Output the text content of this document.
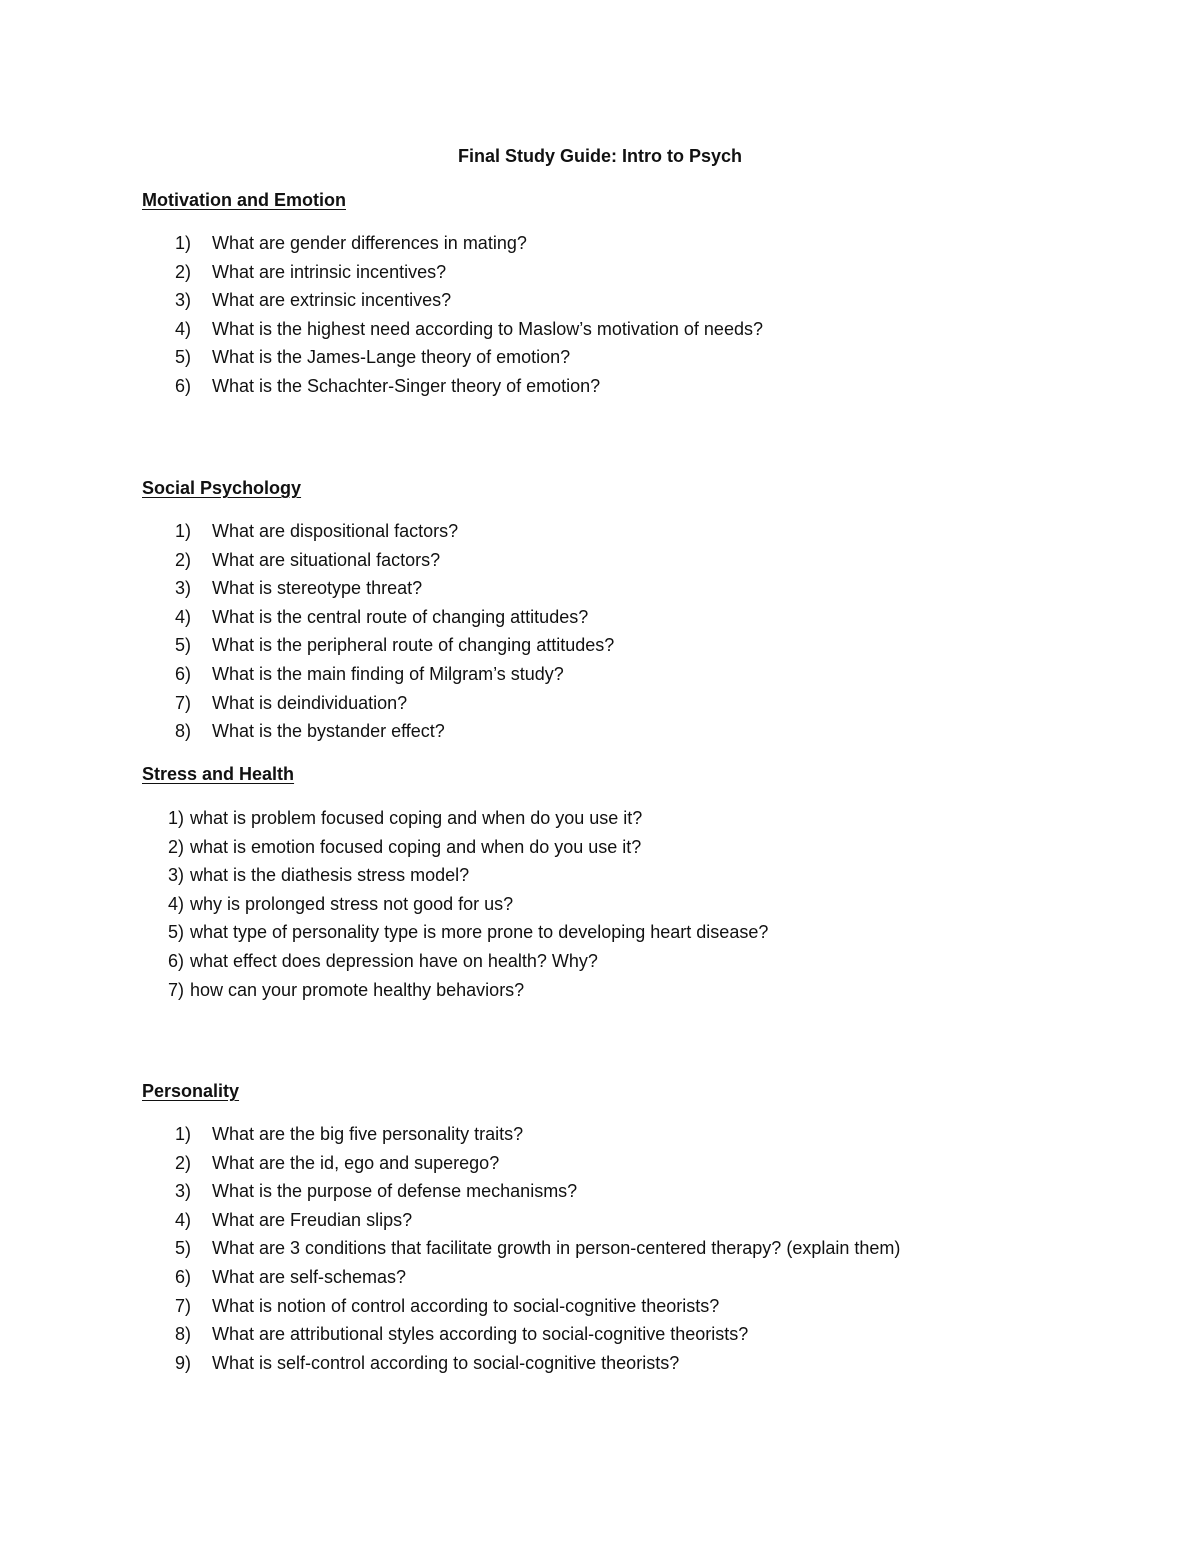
Final Study Guide: Intro to Psych
Motivation and Emotion
1) What are gender differences in mating?
2) What are intrinsic incentives?
3) What are extrinsic incentives?
4) What is the highest need according to Maslow’s motivation of needs?
5) What is the James-Lange theory of emotion?
6) What is the Schachter-Singer theory of emotion?
Social Psychology
1) What are dispositional factors?
2) What are situational factors?
3) What is stereotype threat?
4) What is the central route of changing attitudes?
5) What is the peripheral route of changing attitudes?
6) What is the main finding of Milgram’s study?
7) What is deindividuation?
8) What is the bystander effect?
Stress and Health
1) what is problem focused coping and when do you use it?
2) what is emotion focused coping and when do you use it?
3) what is the diathesis stress model?
4) why is prolonged stress not good for us?
5) what type of personality type is more prone to developing heart disease?
6) what effect does depression have on health? Why?
7) how can your promote healthy behaviors?
Personality
1) What are the big five personality traits?
2) What are the id, ego and superego?
3) What is the purpose of defense mechanisms?
4) What are Freudian slips?
5) What are 3 conditions that facilitate growth in person-centered therapy? (explain them)
6) What are self-schemas?
7) What is notion of control according to social-cognitive theorists?
8) What are attributional styles according to social-cognitive theorists?
9) What is self-control according to social-cognitive theorists?
